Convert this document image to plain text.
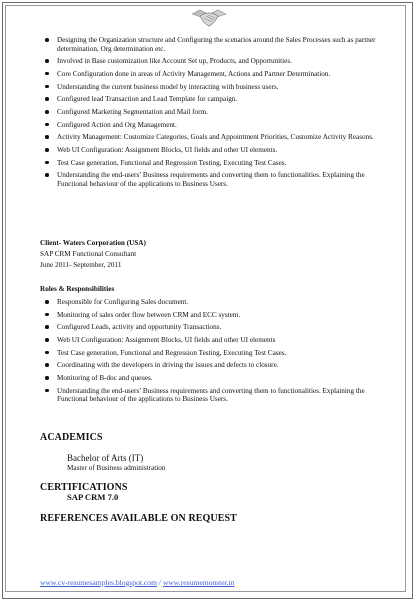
Designing the Organization structure and Configuring the scenarios around the Sales Processes such as partner determination, Org determination etc.
Involved in Base customization like Account Set up, Products, and Opportunities.
Core Configuration done in areas of Activity Management, Actions and Partner Determination.
Understanding the current business model by interacting with business users.
Configured lead Transaction and Lead Template for campaign.
Configured Marketing Segmentation and Mail form.
Configured Action and Org Management.
Activity Management: Customize Categories, Goals and Appointment Priorities, Customize Activity Reasons.
Web UI Configuration: Assignment Blocks, UI fields and other UI elements.
Test Case generation, Functional and Regression Testing, Executing Test Cases.
Understanding the end-users’ Business requirements and converting them to functionalities. Explaining the Functional behaviour of the applications to Business Users.
Client- Waters Corporation (USA)
SAP CRM Functional Consultant
June 2011- September, 2011
Roles & Responsibilities
Responsible for Configuring Sales document.
Monitoring of sales order flow between CRM and ECC system.
Configured Leads, activity and opportunity Transactions.
Web UI Configuration: Assignment Blocks, UI fields and other UI elements
Test Case generation, Functional and Regression Testing, Executing Test Cases.
Coordinating with the developers in driving the issues and defects to closure.
Monitoring of B-doc and queues.
Understanding the end-users’ Business requirements and converting them to functionalities. Explaining the Functional behaviour of the applications to Business Users.
ACADEMICS
Bachelor of Arts (IT)
Master of Business administration
CERTIFICATIONS
SAP CRM 7.0
REFERENCES AVAILABLE ON REQUEST
www.cv-resumesamples.blogspot.com / www.resumemonster.in
